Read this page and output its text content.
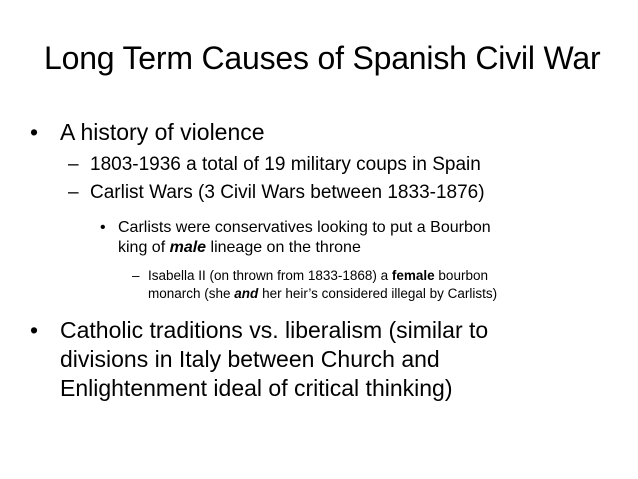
Long Term Causes of Spanish Civil War
• A history of violence
– 1803-1936 a total of 19 military coups in Spain
– Carlist Wars (3 Civil Wars between 1833-1876)
• Carlists were conservatives looking to put a Bourbon
king of male lineage on the throne
– Isabella II (on thrown from 1833-1868) a female bourbon
monarch (she and her heir’s considered illegal by Carlists)
• Catholic traditions vs. liberalism (similar to
divisions in Italy between Church and
Enlightenment ideal of critical thinking)
